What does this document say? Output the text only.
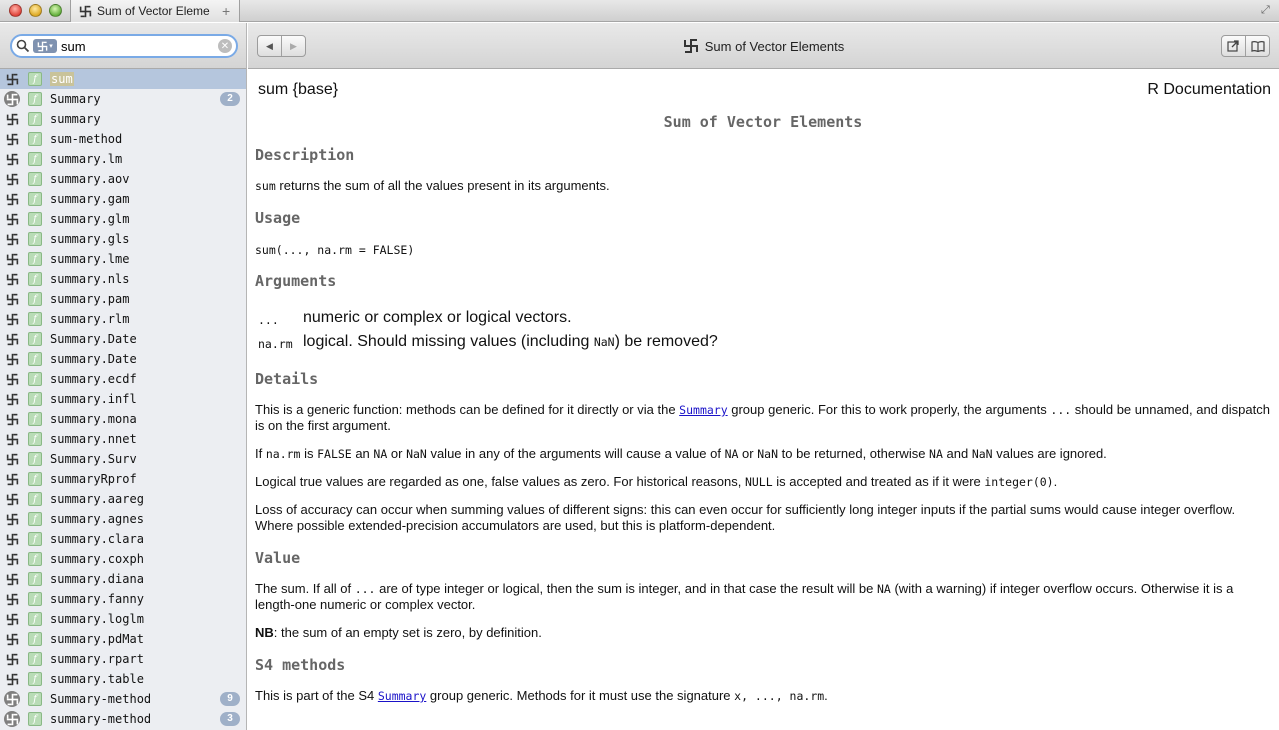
Sum of Vector Eleme +	⤢
▾
sum	✕
f	sum
f	Summary	2
f	summary
f	sum-method
f	summary.lm
f	summary.aov
f	summary.gam
f	summary.glm
f	summary.gls
f	summary.lme
f	summary.nls
f	summary.pam
f	summary.rlm
f	Summary.Date
f	summary.Date
f	summary.ecdf
f	summary.infl
f	summary.mona
f	summary.nnet
f	Summary.Surv
f	summaryRprof
f	summary.aareg
f	summary.agnes
f	summary.clara
f	summary.coxph
f	summary.diana
f	summary.fanny
f	summary.loglm
f	summary.pdMat
f	summary.rpart
f	summary.table
f	Summary-method	9
f	summary-method	3
◀ ▶	Sum of Vector Elements
sum {base}	R Documentation
Sum of Vector Elements
Description

sum returns the sum of all the values present in its arguments.

Usage
sum(..., na.rm = FALSE)
Arguments
...	numeric or complex or logical vectors.
na.rm	logical. Should missing values (including NaN) be removed?
Details

This is a generic function: methods can be defined for it directly or via the Summary group generic. For this to work properly, the arguments ... should be unnamed, and dispatch is on the first argument.

If na.rm is FALSE an NA or NaN value in any of the arguments will cause a value of NA or NaN to be returned, otherwise NA and NaN values are ignored.

Logical true values are regarded as one, false values as zero. For historical reasons, NULL is accepted and treated as if it were integer(0).

Loss of accuracy can occur when summing values of different signs: this can even occur for sufficiently long integer inputs if the partial sums would cause integer overflow. Where possible extended-precision accumulators are used, but this is platform-dependent.

Value

The sum. If all of ... are of type integer or logical, then the sum is integer, and in that case the result will be NA (with a warning) if integer overflow occurs. Otherwise it is a length-one numeric or complex vector.

NB: the sum of an empty set is zero, by definition.

S4 methods

This is part of the S4 Summary group generic. Methods for it must use the signature x, ..., na.rm.
